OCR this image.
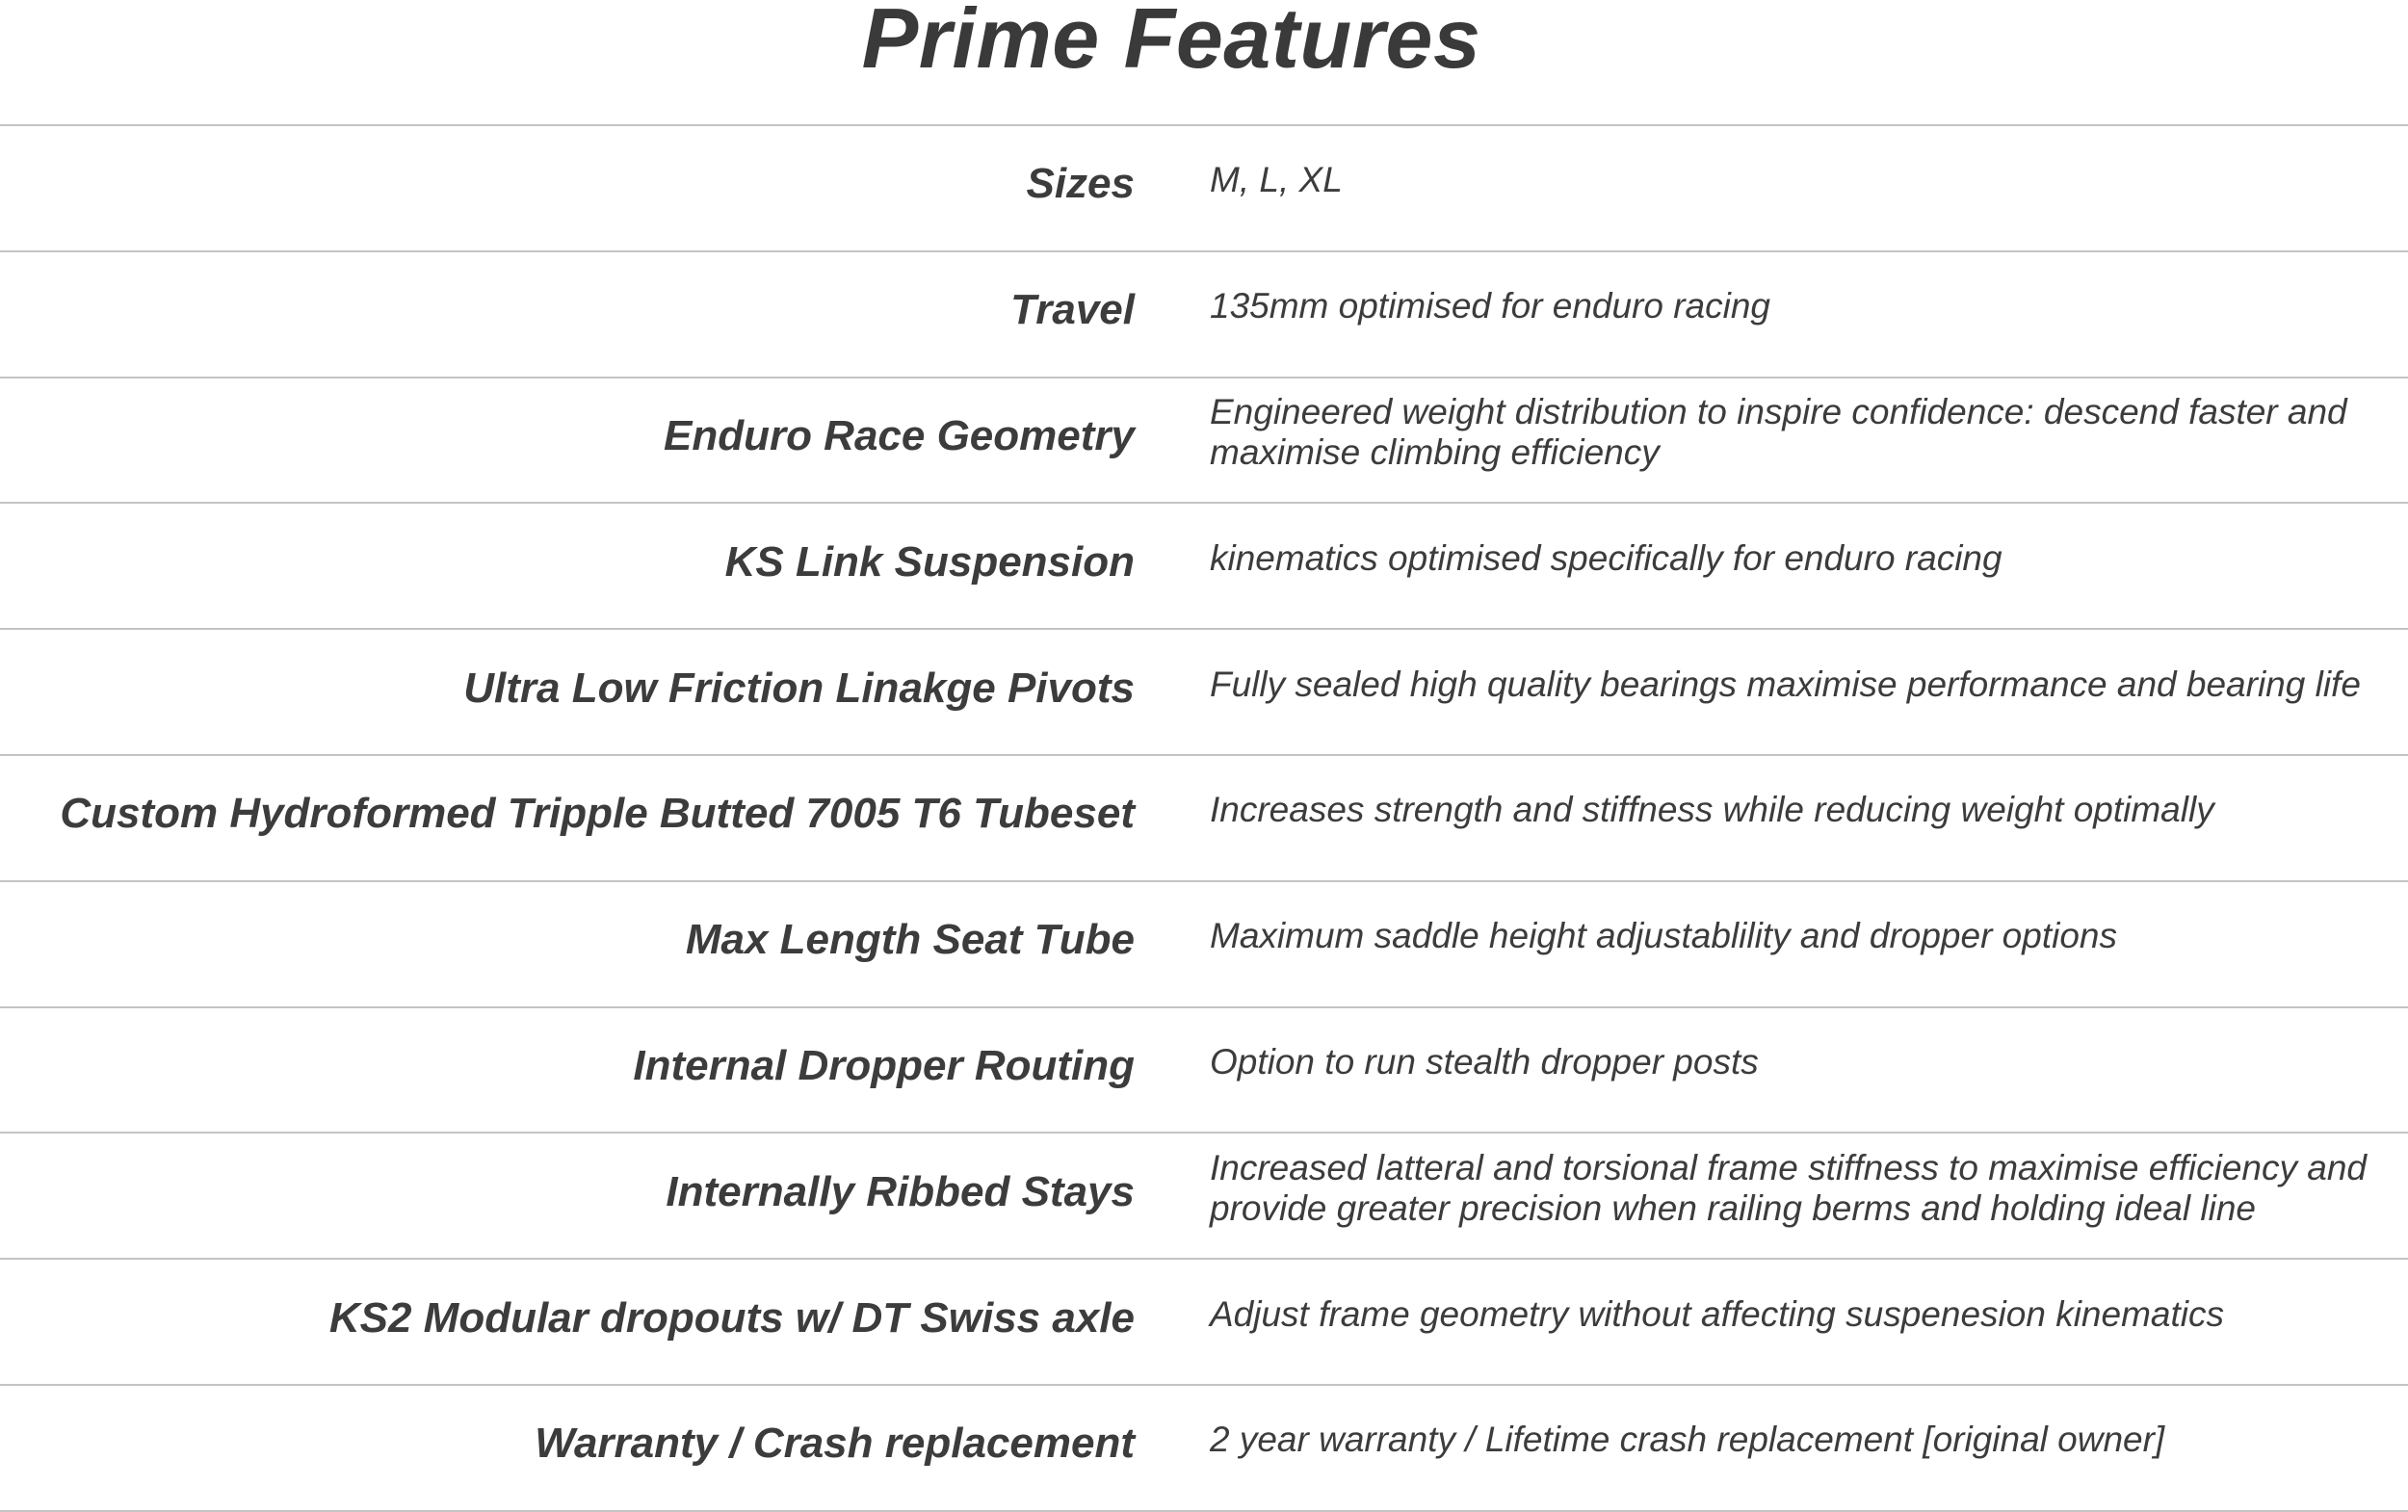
Prime Features
Sizes M, L, XL
Travel 135mm optimised for enduro racing
Enduro Race Geometry
Engineered weight distribution to inspire confidence: descend faster and maximise climbing efficiency
KS Link Suspension kinematics optimised specifically for enduro racing
Ultra Low Friction Linakge Pivots Fully sealed high quality bearings maximise performance and bearing life
Custom Hydroformed Tripple Butted 7005 T6 Tubeset Increases strength and stiffness while reducing weight optimally
Max Length Seat Tube Maximum saddle height adjustablility and dropper options
Internal Dropper Routing Option to run stealth dropper posts
Internally Ribbed Stays
Increased latteral and torsional frame stiffness to maximise efficiency and provide greater precision when railing berms and holding ideal line
KS2 Modular dropouts w/ DT Swiss axle Adjust frame geometry without affecting suspenesion kinematics
Warranty / Crash replacement 2 year warranty / Lifetime crash replacement [original owner]
